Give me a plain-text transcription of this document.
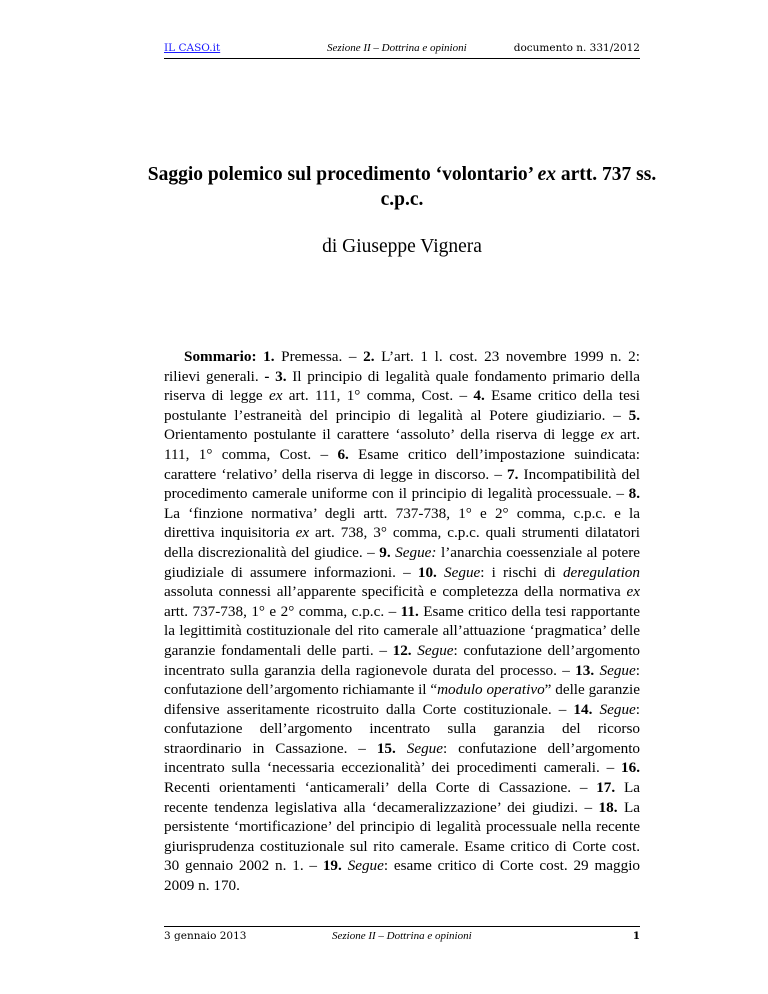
IL CASO.it	Sezione II – Dottrina e opinioni	documento n. 331/2012
Saggio polemico sul procedimento ‘volontario’ ex artt. 737 ss. c.p.c.
di Giuseppe Vignera

Sommario: 1. Premessa. – 2. L’art. 1 l. cost. 23 novembre 1999 n. 2: rilievi generali. - 3. Il principio di legalità quale fondamento primario della riserva di legge ex art. 111, 1° comma, Cost. – 4. Esame critico della tesi postulante l’estraneità del principio di legalità al Potere giudiziario. – 5. Orientamento postulante il carattere ‘assoluto’ della riserva di legge ex art. 111, 1° comma, Cost. – 6. Esame critico dell’impostazione suindicata: carattere ‘relativo’ della riserva di legge in discorso. – 7. Incompatibilità del procedimento camerale uniforme con il principio di legalità processuale. – 8. La ‘finzione normativa’ degli artt. 737-738, 1° e 2° comma, c.p.c. e la direttiva inquisitoria ex art. 738, 3° comma, c.p.c. quali strumenti dilatatori della discrezionalità del giudice. – 9. Segue: l’anarchia coessenziale al potere giudiziale di assumere informazioni. – 10. Segue: i rischi di deregulation assoluta connessi all’apparente specificità e completezza della normativa ex artt. 737-738, 1° e 2° comma, c.p.c. – 11. Esame critico della tesi rapportante la legittimità costituzionale del rito camerale all’attuazione ‘pragmatica’ delle garanzie fondamentali delle parti. – 12. Segue: confutazione dell’argomento incentrato sulla garanzia della ragionevole durata del processo. – 13. Segue: confutazione dell’argomento richiamante il “modulo operativo” delle garanzie difensive asseritamente ricostruito dalla Corte costituzionale. – 14. Segue: confutazione dell’argomento incentrato sulla garanzia del ricorso straordinario in Cassazione. – 15. Segue: confutazione dell’argomento incentrato sulla ‘necessaria eccezionalità’ dei procedimenti camerali. – 16. Recenti orientamenti ‘anticamerali’ della Corte di Cassazione. – 17. La recente tendenza legislativa alla ‘decameralizzazione’ dei giudizi. – 18. La persistente ‘mortificazione’ del principio di legalità processuale nella recente giurisprudenza costituzionale sul rito camerale. Esame critico di Corte cost. 30 gennaio 2002 n. 1. – 19. Segue: esame critico di Corte cost. 29 maggio 2009 n. 170.

3 gennaio 2013	Sezione II – Dottrina e opinioni	1
